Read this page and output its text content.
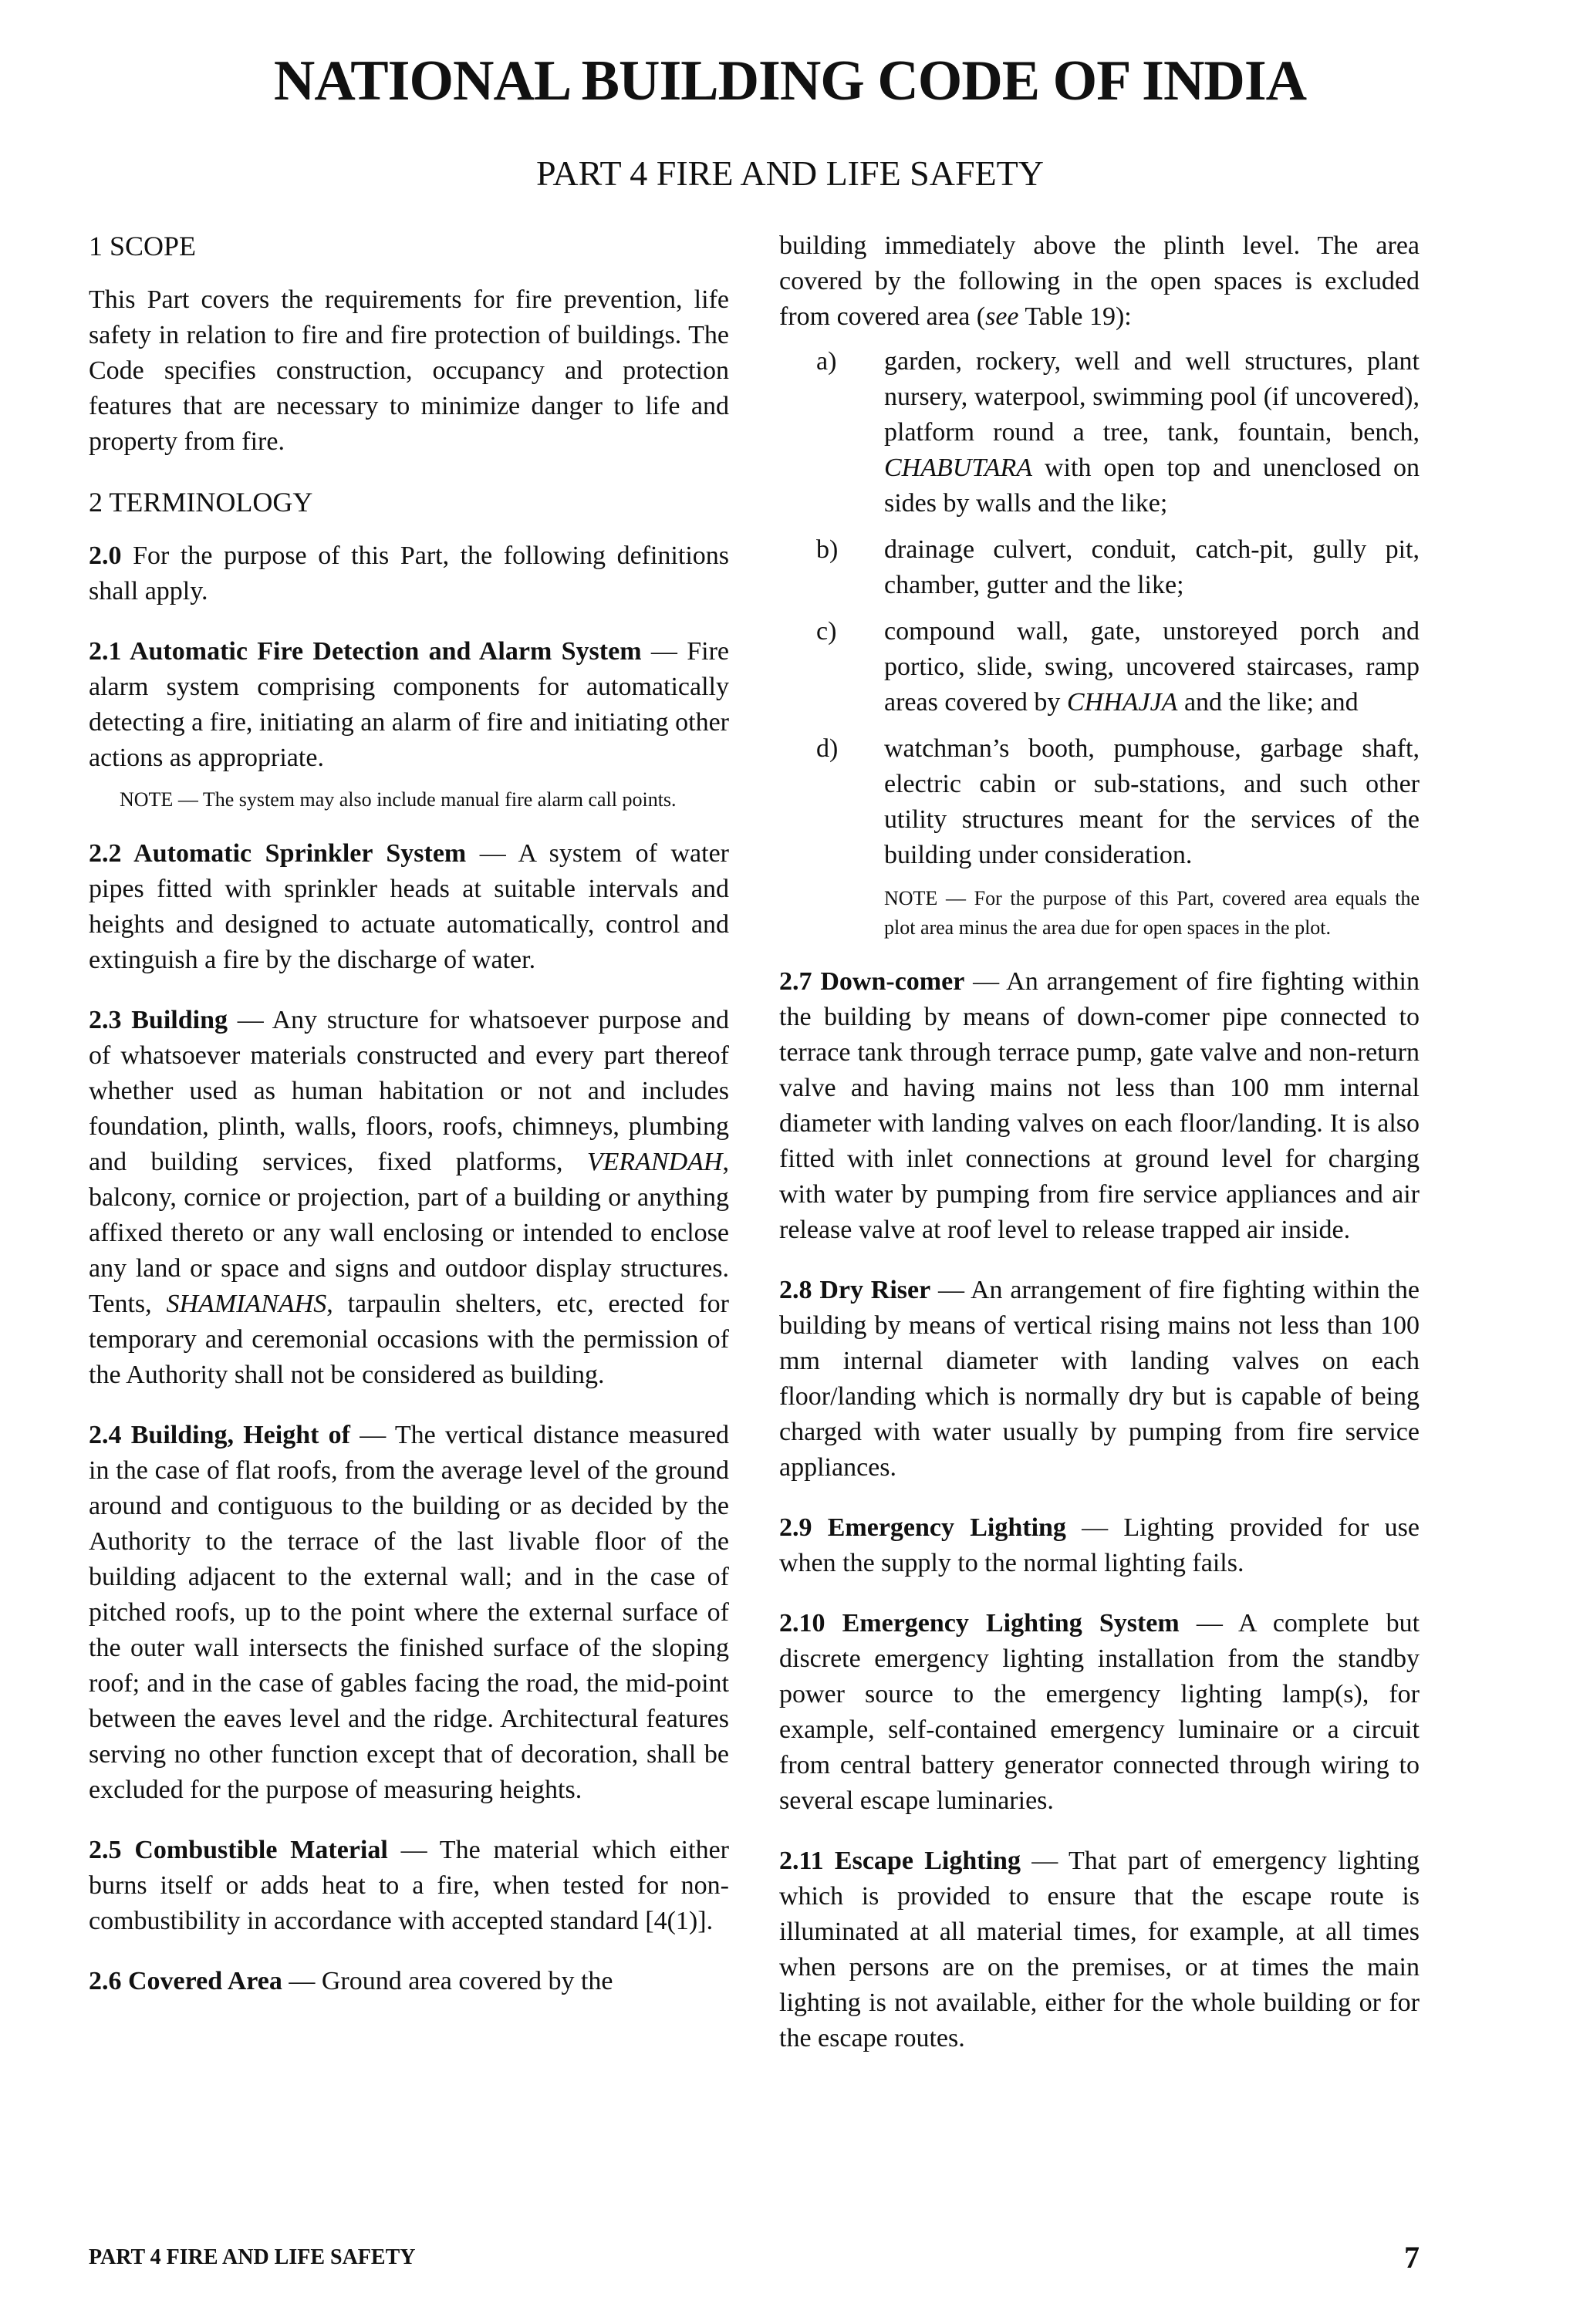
NATIONAL BUILDING CODE OF INDIA
PART 4 FIRE AND LIFE SAFETY
1 SCOPE

This Part covers the requirements for fire prevention, life safety in relation to fire and fire protection of buildings. The Code specifies construction, occupancy and protection features that are necessary to minimize danger to life and property from fire.

2 TERMINOLOGY

2.0 For the purpose of this Part, the following definitions shall apply.

2.1 Automatic Fire Detection and Alarm System — Fire alarm system comprising components for automatically detecting a fire, initiating an alarm of fire and initiating other actions as appropriate.

NOTE — The system may also include manual fire alarm call points.

2.2 Automatic Sprinkler System — A system of water pipes fitted with sprinkler heads at suitable intervals and heights and designed to actuate automatically, control and extinguish a fire by the discharge of water.

2.3 Building — Any structure for whatsoever purpose and of whatsoever materials constructed and every part thereof whether used as human habitation or not and includes foundation, plinth, walls, floors, roofs, chimneys, plumbing and building services, fixed platforms, VERANDAH, balcony, cornice or projection, part of a building or anything affixed thereto or any wall enclosing or intended to enclose any land or space and signs and outdoor display structures. Tents, SHAMIANAHS, tarpaulin shelters, etc, erected for temporary and ceremonial occasions with the permission of the Authority shall not be considered as building.

2.4 Building, Height of — The vertical distance measured in the case of flat roofs, from the average level of the ground around and contiguous to the building or as decided by the Authority to the terrace of the last livable floor of the building adjacent to the external wall; and in the case of pitched roofs, up to the point where the external surface of the outer wall intersects the finished surface of the sloping roof; and in the case of gables facing the road, the mid-point between the eaves level and the ridge. Architectural features serving no other function except that of decoration, shall be excluded for the purpose of measuring heights.

2.5 Combustible Material — The material which either burns itself or adds heat to a fire, when tested for non-combustibility in accordance with accepted standard [4(1)].

2.6 Covered Area — Ground area covered by the

building immediately above the plinth level. The area covered by the following in the open spaces is excluded from covered area (see Table 19):

a)	garden, rockery, well and well structures, plant nursery, waterpool, swimming pool (if uncovered), platform round a tree, tank, fountain, bench, CHABUTARA with open top and unenclosed on sides by walls and the like;
b)	drainage culvert, conduit, catch-pit, gully pit, chamber, gutter and the like;
c)	compound wall, gate, unstoreyed porch and portico, slide, swing, uncovered staircases, ramp areas covered by CHHAJJA and the like; and
d)	watchman’s booth, pumphouse, garbage shaft, electric cabin or sub-stations, and such other utility structures meant for the services of the building under consideration.
NOTE — For the purpose of this Part, covered area equals the plot area minus the area due for open spaces in the plot.

2.7 Down-comer — An arrangement of fire fighting within the building by means of down-comer pipe connected to terrace tank through terrace pump, gate valve and non-return valve and having mains not less than 100 mm internal diameter with landing valves on each floor/landing. It is also fitted with inlet connections at ground level for charging with water by pumping from fire service appliances and air release valve at roof level to release trapped air inside.

2.8 Dry Riser — An arrangement of fire fighting within the building by means of vertical rising mains not less than 100 mm internal diameter with landing valves on each floor/landing which is normally dry but is capable of being charged with water usually by pumping from fire service appliances.

2.9 Emergency Lighting — Lighting provided for use when the supply to the normal lighting fails.

2.10 Emergency Lighting System — A complete but discrete emergency lighting installation from the standby power source to the emergency lighting lamp(s), for example, self-contained emergency luminaire or a circuit from central battery generator connected through wiring to several escape luminaries.

2.11 Escape Lighting — That part of emergency lighting which is provided to ensure that the escape route is illuminated at all material times, for example, at all times when persons are on the premises, or at times the main lighting is not available, either for the whole building or for the escape routes.

PART 4 FIRE AND LIFE SAFETY	7
